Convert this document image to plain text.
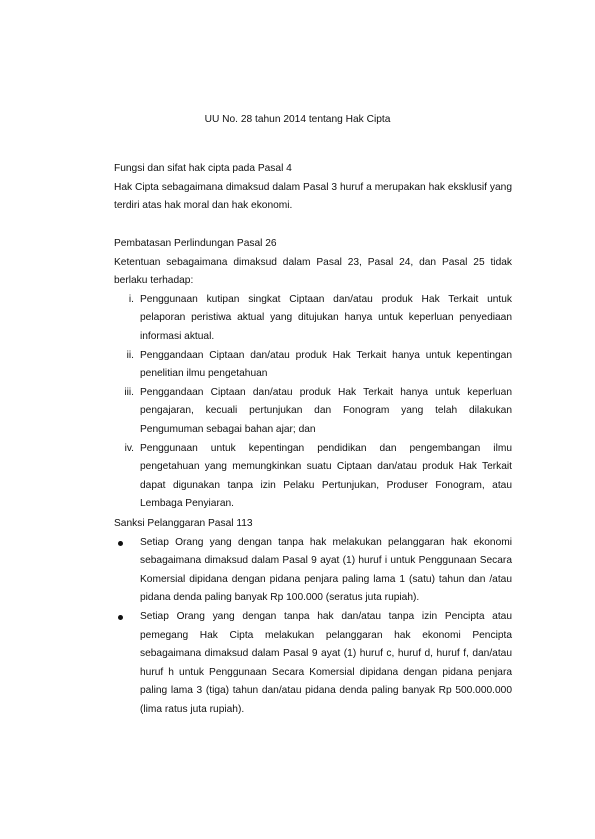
UU No. 28 tahun 2014 tentang Hak Cipta
Fungsi dan sifat hak cipta pada Pasal 4
Hak Cipta sebagaimana dimaksud dalam Pasal 3 huruf a merupakan hak eksklusif yang terdiri atas hak moral dan hak ekonomi.
Pembatasan Perlindungan Pasal 26
Ketentuan sebagaimana dimaksud dalam Pasal 23, Pasal 24, dan Pasal 25 tidak berlaku terhadap:
i. Penggunaan kutipan singkat Ciptaan dan/atau produk Hak Terkait untuk pelaporan peristiwa aktual yang ditujukan hanya untuk keperluan penyediaan informasi aktual.
ii. Penggandaan Ciptaan dan/atau produk Hak Terkait hanya untuk kepentingan penelitian ilmu pengetahuan
iii. Penggandaan Ciptaan dan/atau produk Hak Terkait hanya untuk keperluan pengajaran, kecuali pertunjukan dan Fonogram yang telah dilakukan Pengumuman sebagai bahan ajar; dan
iv. Penggunaan untuk kepentingan pendidikan dan pengembangan ilmu pengetahuan yang memungkinkan suatu Ciptaan dan/atau produk Hak Terkait dapat digunakan tanpa izin Pelaku Pertunjukan, Produser Fonogram, atau Lembaga Penyiaran.
Sanksi Pelanggaran Pasal 113
Setiap Orang yang dengan tanpa hak melakukan pelanggaran hak ekonomi sebagaimana dimaksud dalam Pasal 9 ayat (1) huruf i untuk Penggunaan Secara Komersial dipidana dengan pidana penjara paling lama 1 (satu) tahun dan /atau pidana denda paling banyak Rp 100.000 (seratus juta rupiah).
Setiap Orang yang dengan tanpa hak dan/atau tanpa izin Pencipta atau pemegang Hak Cipta melakukan pelanggaran hak ekonomi Pencipta sebagaimana dimaksud dalam Pasal 9 ayat (1) huruf c, huruf d, huruf f, dan/atau huruf h untuk Penggunaan Secara Komersial dipidana dengan pidana penjara paling lama 3 (tiga) tahun dan/atau pidana denda paling banyak Rp 500.000.000 (lima ratus juta rupiah).
